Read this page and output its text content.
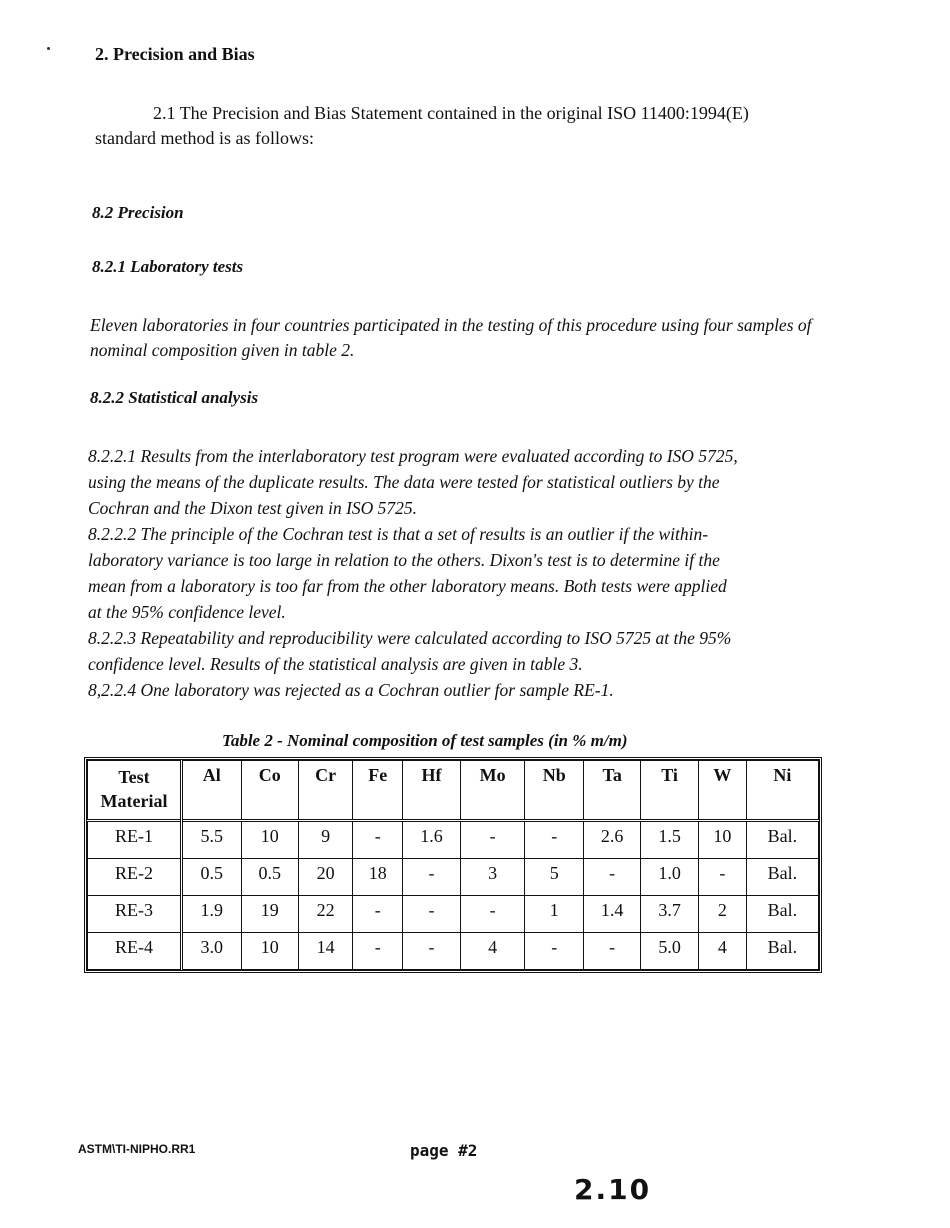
2. Precision and Bias
2.1 The Precision and Bias Statement contained in the original ISO 11400:1994(E)
standard method is as follows:
8.2 Precision
8.2.1 Laboratory tests
Eleven laboratories in four countries participated in the testing of this procedure using four samples of nominal composition given in table 2.
8.2.2 Statistical analysis
8.2.2.1 Results from the interlaboratory test program were evaluated according to ISO 5725,
using the means of the duplicate results. The data were tested for statistical outliers by the
Cochran and the Dixon test given in ISO 5725.
8.2.2.2 The principle of the Cochran test is that a set of results is an outlier if the within-
laboratory variance is too large in relation to the others. Dixon's test is to determine if the
mean from a laboratory is too far from the other laboratory means. Both tests were applied
at the 95% confidence level.
8.2.2.3 Repeatability and reproducibility were calculated according to ISO 5725 at the 95%
confidence level. Results of the statistical analysis are given in table 3.
8,2.2.4 One laboratory was rejected as a Cochran outlier for sample RE-1.
Table 2 - Nominal composition of test samples (in % m/m)
Test
Material	Al	Co	Cr	Fe	Hf	Mo	Nb	Ta	Ti	W	Ni
RE-1	5.5	10	9	-	1.6	-	-	2.6	1.5	10	Bal.
RE-2	0.5	0.5	20	18	-	3	5	-	1.0	-	Bal.
RE-3	1.9	19	22	-	-	-	1	1.4	3.7	2	Bal.
RE-4	3.0	10	14	-	-	4	-	-	5.0	4	Bal.
ASTM\TI-NIPHO.RR1	page #2
2.10
